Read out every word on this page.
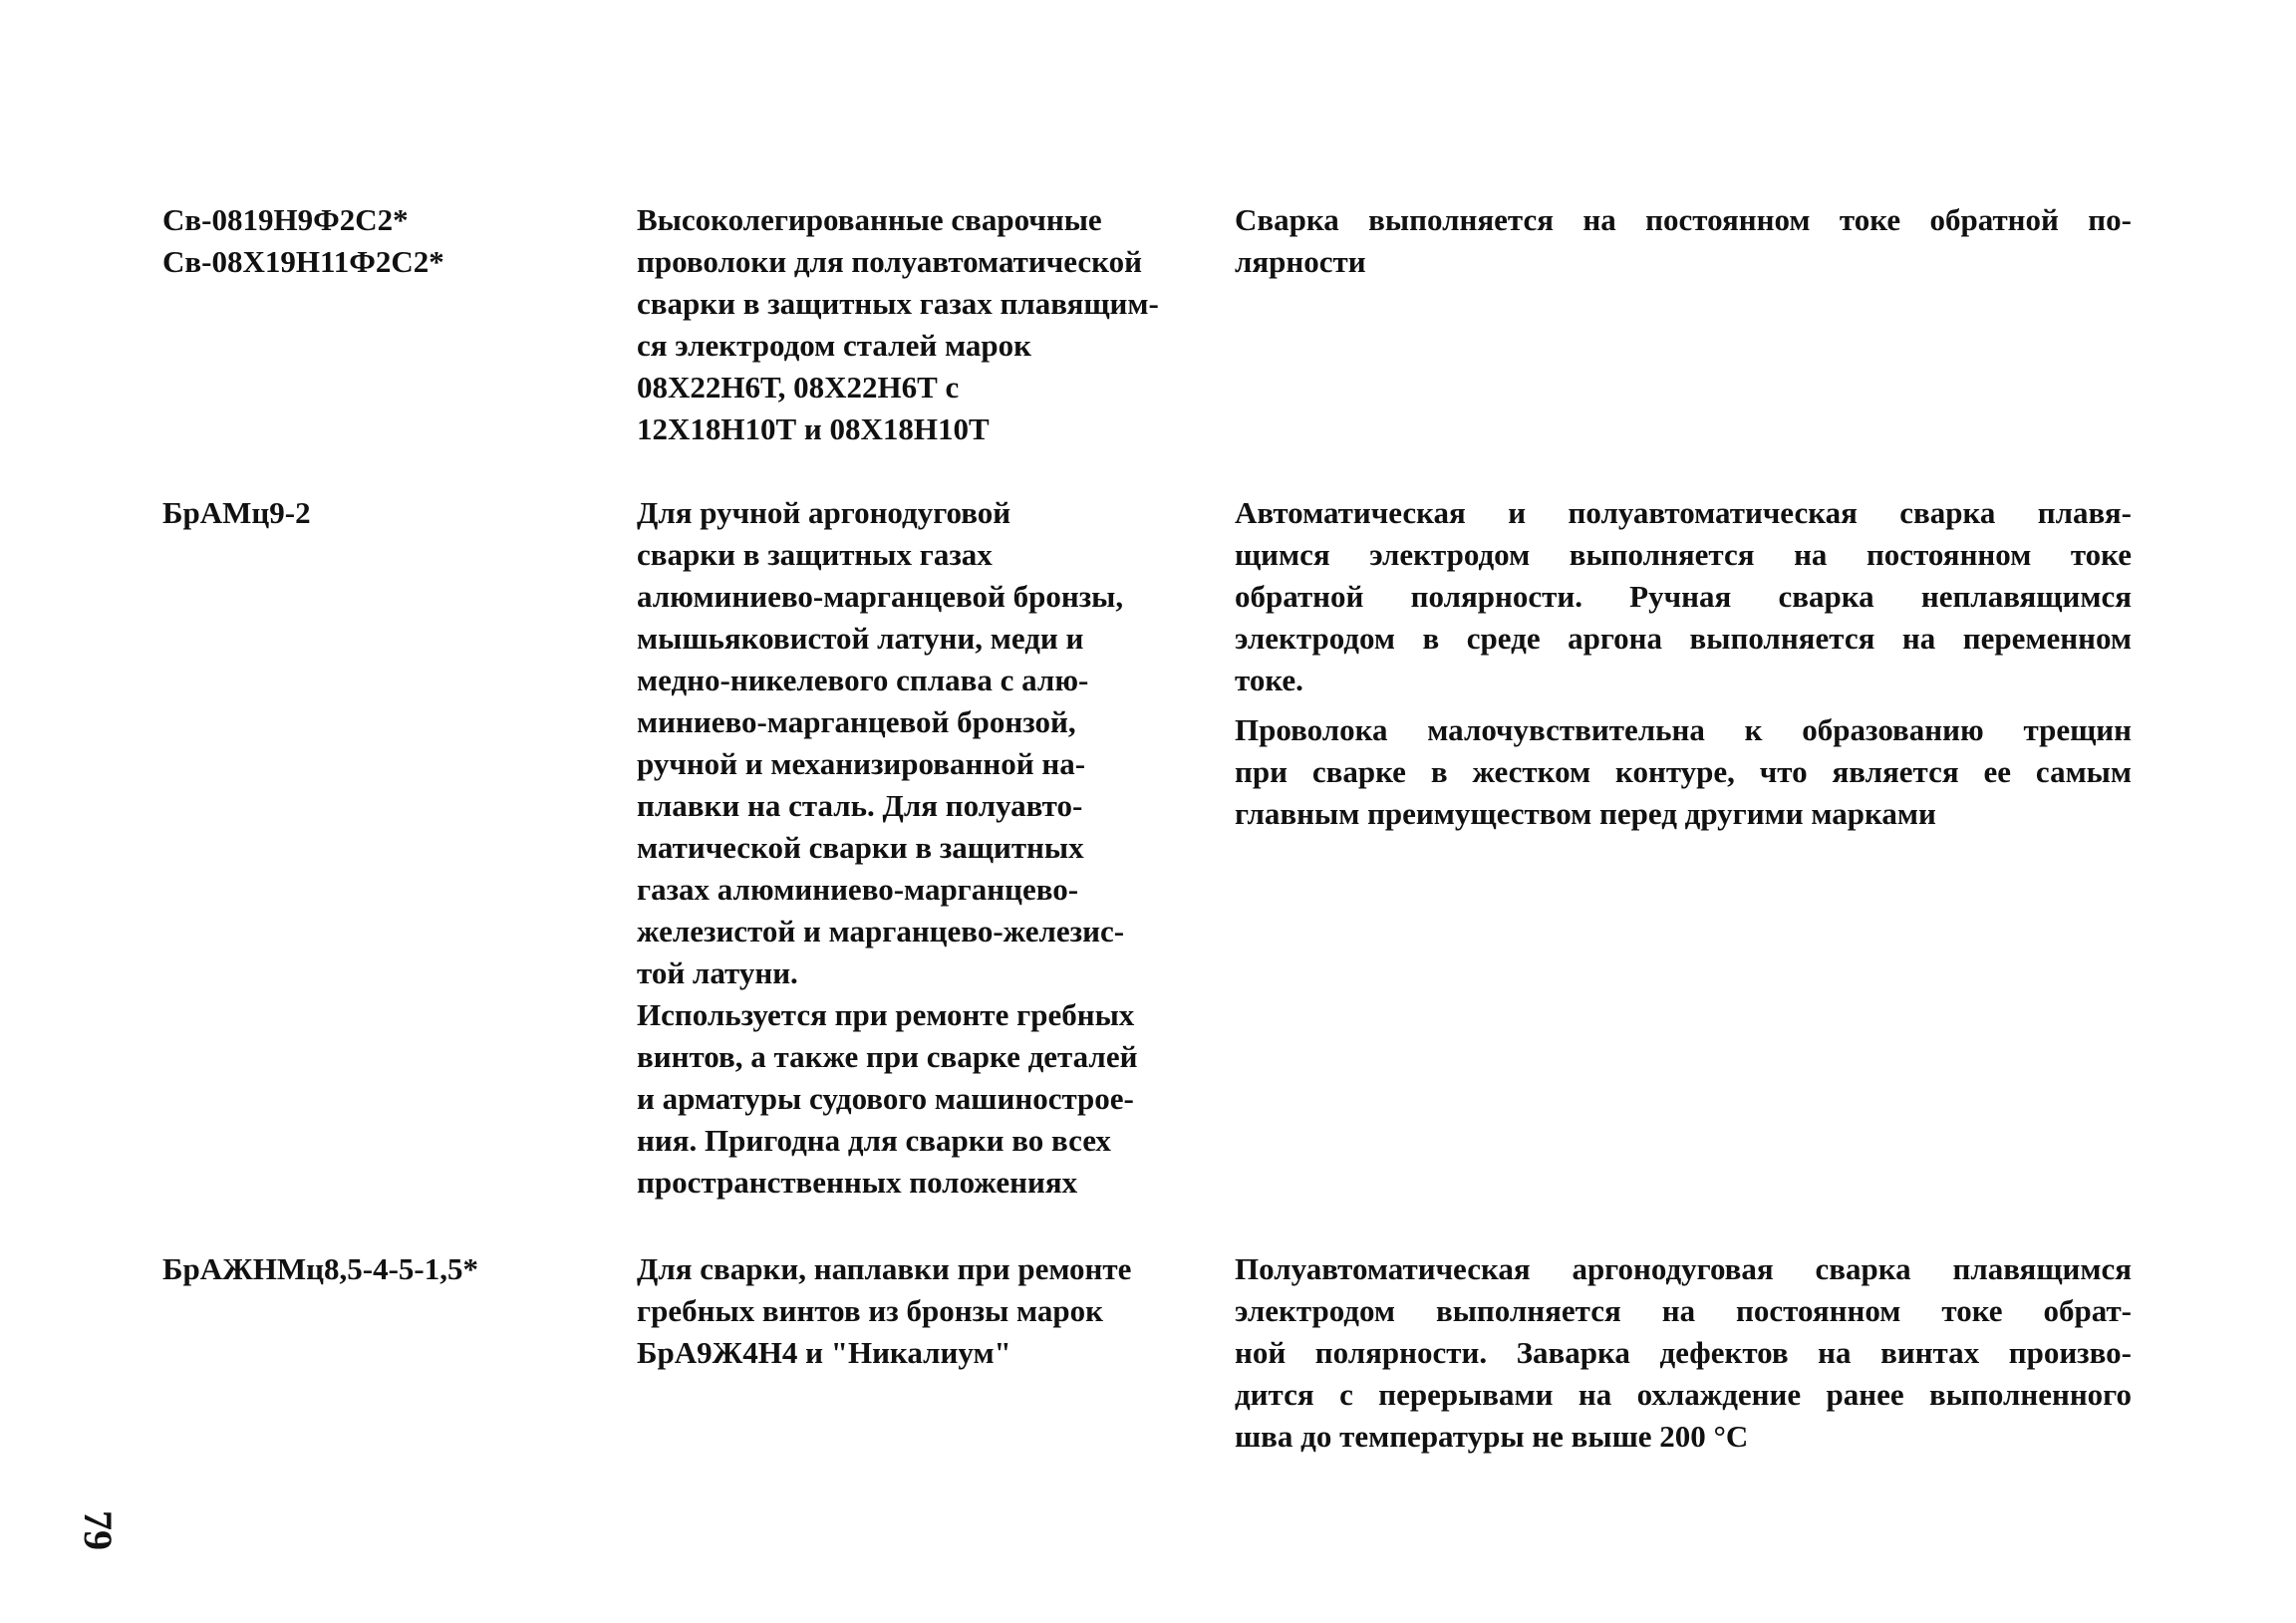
Св-0819Н9Ф2С2*
Св-08Х19Н11Ф2С2*
Высоколегированные сварочные
проволоки для полуавтоматической
сварки в защитных газах плавящим-
ся электродом сталей марок
08Х22Н6Т, 08Х22Н6Т с
12Х18Н10Т и 08Х18Н10Т
Сварка выполняется на постоянном токе обратной по-
лярности
БрАМц9-2	Для ручной аргонодуговой
сварки в защитных газах
алюминиево-марганцевой бронзы,
мышьяковистой латуни, меди и
медно-никелевого сплава с алю-
миниево-марганцевой бронзой,
ручной и механизированной на-
плавки на сталь. Для полуавто-
матической сварки в защитных
газах алюминиево-марганцево-
железистой и марганцево-железис-
той латуни.
Используется при ремонте гребных
винтов, а также при сварке деталей
и арматуры судового машинострое-
ния. Пригодна для сварки во всех
пространственных положениях
Автоматическая и полуавтоматическая сварка плавя-
щимся электродом выполняется на постоянном токе
обратной полярности. Ручная сварка неплавящимся
электродом в среде аргона выполняется на переменном
токе.
Проволока малочувствительна к образованию трещин
при сварке в жестком контуре, что является ее самым
главным преимуществом перед другими марками
БрАЖНМц8,5-4-5-1,5*	Для сварки, наплавки при ремонте
гребных винтов из бронзы марок
БрА9Ж4Н4 и "Никалиум"
Полуавтоматическая аргонодуговая сварка плавящимся
электродом выполняется на постоянном токе обрат-
ной полярности. Заварка дефектов на винтах произво-
дится с перерывами на охлаждение ранее выполненного
шва до температуры не выше 200 °C
79
